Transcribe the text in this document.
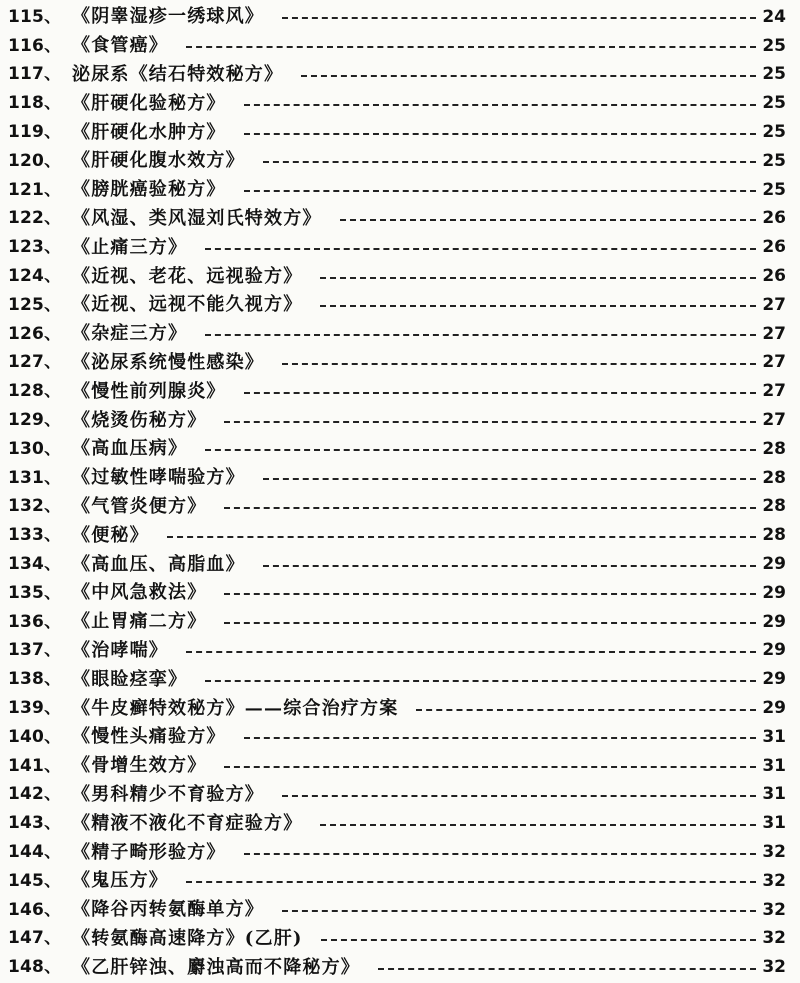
115、 《阴睾湿疹一绣球风》	24
116、 《食管癌》	25
117、 泌尿系《结石特效秘方》	25
118、 《肝硬化验秘方》	25
119、 《肝硬化水肿方》	25
120、 《肝硬化腹水效方》	25
121、 《膀胱癌验秘方》	25
122、 《风湿、类风湿刘氏特效方》	26
123、 《止痛三方》	26
124、 《近视、老花、远视验方》	26
125、 《近视、远视不能久视方》	27
126、 《杂症三方》	27
127、 《泌尿系统慢性感染》	27
128、 《慢性前列腺炎》	27
129、 《烧烫伤秘方》	27
130、 《高血压病》	28
131、 《过敏性哮喘验方》	28
132、 《气管炎便方》	28
133、 《便秘》	28
134、 《高血压、高脂血》	29
135、 《中风急救法》	29
136、 《止胃痛二方》	29
137、 《治哮喘》	29
138、 《眼睑痉挛》	29
139、 《牛皮癣特效秘方》——综合治疗方案	29
140、 《慢性头痛验方》	31
141、 《骨增生效方》	31
142、 《男科精少不育验方》	31
143、 《精液不液化不育症验方》	31
144、 《精子畸形验方》	32
145、 《鬼压方》	32
146、 《降谷丙转氨酶单方》	32
147、 《转氨酶高速降方》(乙肝)	32
148、 《乙肝锌浊、麝浊高而不降秘方》	32
